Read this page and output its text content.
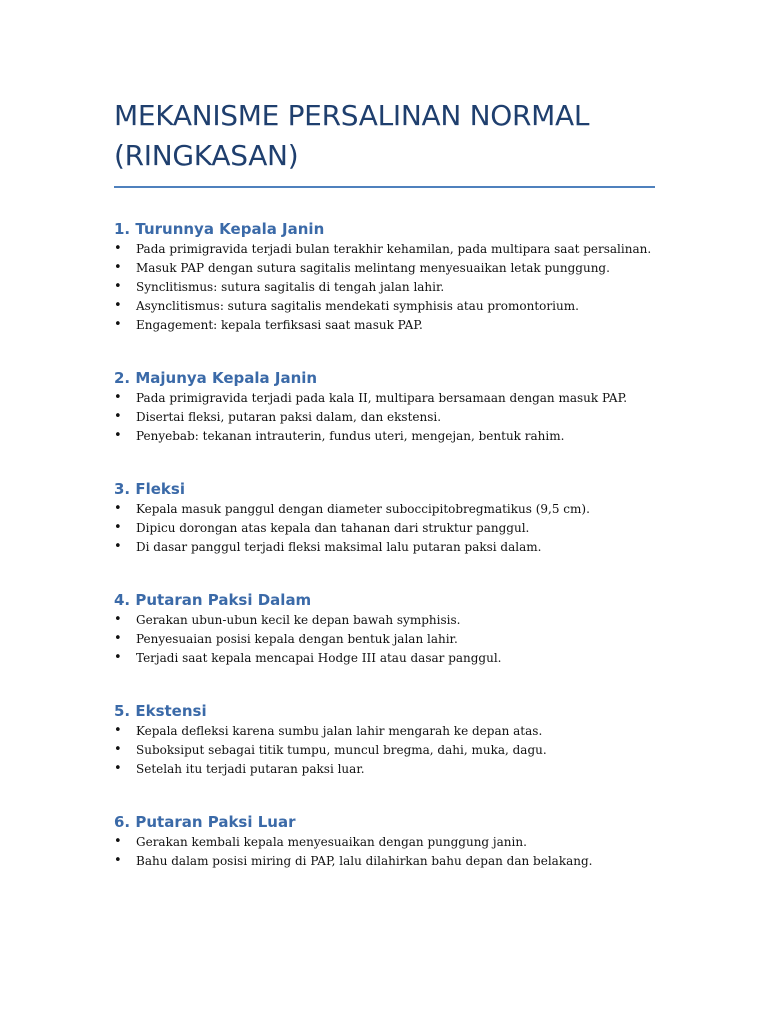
MEKANISME PERSALINAN NORMAL
(RINGKASAN)
1. Turunnya Kepala Janin
• Pada primigravida terjadi bulan terakhir kehamilan, pada multipara saat persalinan.
• Masuk PAP dengan sutura sagitalis melintang menyesuaikan letak punggung.
• Synclitismus: sutura sagitalis di tengah jalan lahir.
• Asynclitismus: sutura sagitalis mendekati symphisis atau promontorium.
• Engagement: kepala terfiksasi saat masuk PAP.
2. Majunya Kepala Janin
• Pada primigravida terjadi pada kala II, multipara bersamaan dengan masuk PAP.
• Disertai fleksi, putaran paksi dalam, dan ekstensi.
• Penyebab: tekanan intrauterin, fundus uteri, mengejan, bentuk rahim.
3. Fleksi
• Kepala masuk panggul dengan diameter suboccipitobregmatikus (9,5 cm).
• Dipicu dorongan atas kepala dan tahanan dari struktur panggul.
• Di dasar panggul terjadi fleksi maksimal lalu putaran paksi dalam.
4. Putaran Paksi Dalam
• Gerakan ubun-ubun kecil ke depan bawah symphisis.
• Penyesuaian posisi kepala dengan bentuk jalan lahir.
• Terjadi saat kepala mencapai Hodge III atau dasar panggul.
5. Ekstensi
• Kepala defleksi karena sumbu jalan lahir mengarah ke depan atas.
• Suboksiput sebagai titik tumpu, muncul bregma, dahi, muka, dagu.
• Setelah itu terjadi putaran paksi luar.
6. Putaran Paksi Luar
• Gerakan kembali kepala menyesuaikan dengan punggung janin.
• Bahu dalam posisi miring di PAP, lalu dilahirkan bahu depan dan belakang.
